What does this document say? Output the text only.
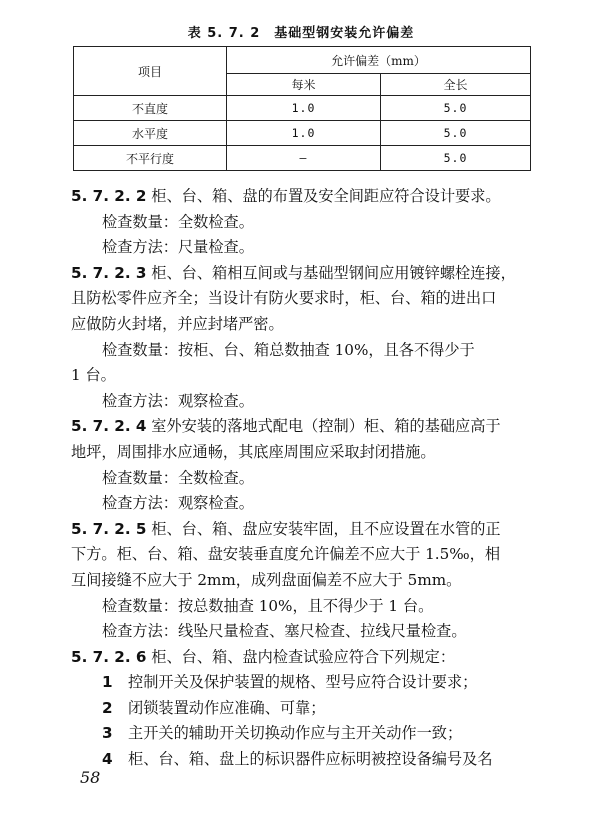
表 5. 7. 2　基础型钢安装允许偏差
项目	允许偏差（mm）	
	每米	全长
不直度	1.0	5.0
水平度	1.0	5.0
不平行度	—	5.0
5. 7. 2. 2 柜、台、箱、盘的布置及安全间距应符合设计要求。
检查数量：全数检查。
检查方法：尺量检查。
5. 7. 2. 3 柜、台、箱相互间或与基础型钢间应用镀锌螺栓连接，
且防松零件应齐全；当设计有防火要求时，柜、台、箱的进出口
应做防火封堵，并应封堵严密。
检查数量：按柜、台、箱总数抽查 10%，且各不得少于
1 台。
检查方法：观察检查。
5. 7. 2. 4 室外安装的落地式配电（控制）柜、箱的基础应高于
地坪，周围排水应通畅，其底座周围应采取封闭措施。
检查数量：全数检查。
检查方法：观察检查。
5. 7. 2. 5 柜、台、箱、盘应安装牢固，且不应设置在水管的正
下方。柜、台、箱、盘安装垂直度允许偏差不应大于 1.5‰，相
互间接缝不应大于 2mm，成列盘面偏差不应大于 5mm。
检查数量：按总数抽查 10%，且不得少于 1 台。
检查方法：线坠尺量检查、塞尺检查、拉线尺量检查。
5. 7. 2. 6 柜、台、箱、盘内检查试验应符合下列规定：
1 控制开关及保护装置的规格、型号应符合设计要求；
2 闭锁装置动作应准确、可靠；
3 主开关的辅助开关切换动作应与主开关动作一致；
4 柜、台、箱、盘上的标识器件应标明被控设备编号及名
58
